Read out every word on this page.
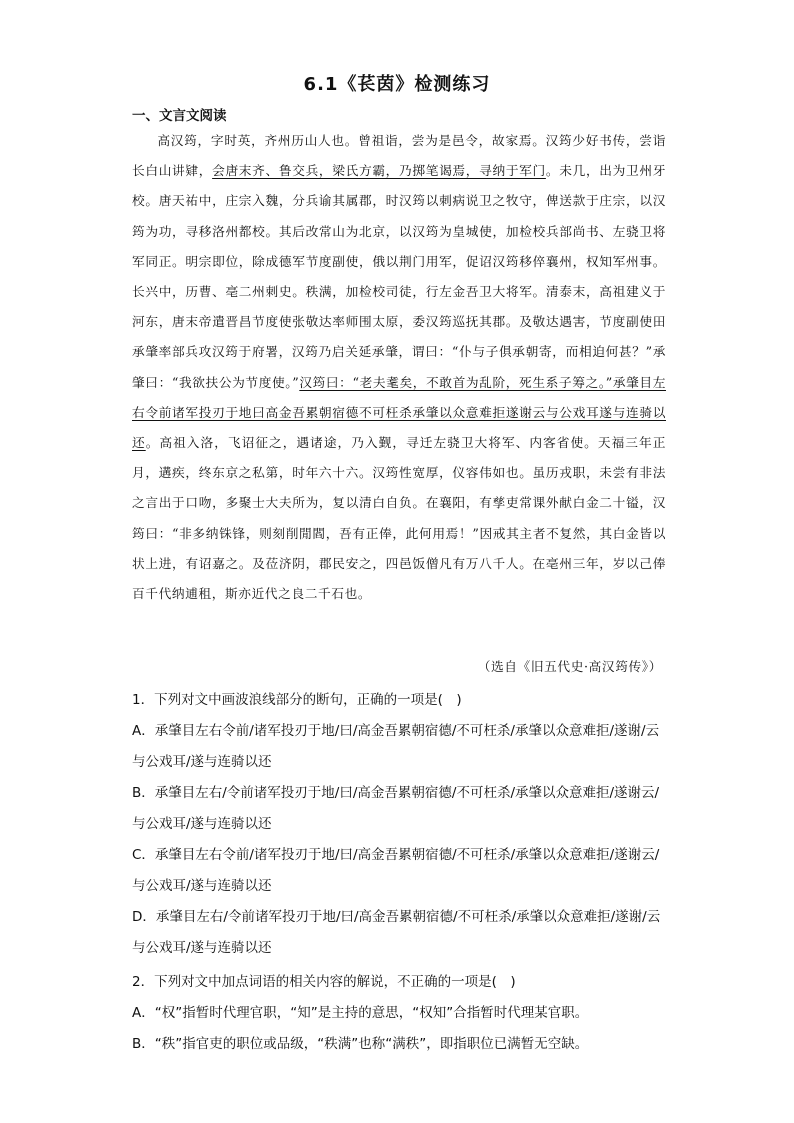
6.1《苌茵》检测练习
一、文言文阅读
高汉筠，字时英，齐州历山人也。曾祖诣，尝为是邑令，故家焉。汉筠少好书传，尝诣长白山讲肄，会唐末齐、鲁交兵，梁氏方霸，乃掷笔谒焉，寻纳于军门。未几，出为卫州牙校。唐天祐中，庄宗入魏，分兵谕其属郡，时汉筠以刺病说卫之牧守，俾送款于庄宗，以汉筠为功，寻移洛州都校。其后改常山为北京，以汉筠为皇城使，加检校兵部尚书、左骁卫将军同正。明宗即位，除成德军节度副使，俄以荆门用军，促诏汉筠移倅襄州，权知军州事。长兴中，历曹、亳二州刺史。秩满，加检校司徒，行左金吾卫大将军。清泰末，高祖建义于河东，唐末帝遣晋昌节度使张敬达率师围太原，委汉筠巡抚其郡。及敬达遇害，节度副使田承肇率部兵攻汉筠于府署，汉筠乃启关延承肇，谓曰：“仆与子俱承朝寄，而相迫何甚？”承肇曰：“我欲扶公为节度使。”汉筠曰：“老夫耄矣，不敢首为乱阶，死生系子筹之。”承肇目左右令前诸军投刃于地曰高金吾累朝宿德不可枉杀承肇以众意难拒遂谢云与公戏耳遂与连骑以还。高祖入洛，飞诏征之，遇诸途，乃入觐，寻迁左骁卫大将军、内客省使。天福三年正月，遘疾，终东京之私第，时年六十六。汉筠性宽厚，仪容伟如也。虽历戎职，未尝有非法之言出于口吻，多聚士大夫所为，复以清白自负。在襄阳，有孳吏常课外献白金二十镒，汉筠曰：“非多纳铢锋，则刻削閒閻，吾有正俸，此何用焉！”因戒其主者不复然，其白金皆以状上进，有诏嘉之。及莅济阴，郡民安之，四邑饭僧凡有万八千人。在亳州三年，岁以己俸百千代纳逋租，斯亦近代之良二千石也。
（选自《旧五代史·高汉筠传》）

1．下列对文中画波浪线部分的断句，正确的一项是(　)

A．承肇目左右令前/诸军投刃于地/曰/高金吾累朝宿德/不可枉杀/承肇以众意难拒/遂谢/云与公戏耳/遂与连骑以还

B．承肇目左右/令前诸军投刃于地/曰/高金吾累朝宿德/不可枉杀/承肇以众意难拒/遂谢云/与公戏耳/遂与连骑以还

C．承肇目左右令前/诸军投刃于地/曰/高金吾累朝宿德/不可枉杀/承肇以众意难拒/遂谢云/与公戏耳/遂与连骑以还

D．承肇目左右/令前诸军投刃于地/曰/高金吾累朝宿德/不可枉杀/承肇以众意难拒/遂谢/云与公戏耳/遂与连骑以还

2．下列对文中加点词语的相关内容的解说，不正确的一项是(　)

A．“权”指暂时代理官职，“知”是主持的意思，“权知”合指暂时代理某官职。

B．“秩”指官吏的职位或品级，“秩满”也称“满秩”，即指职位已满暂无空缺。
